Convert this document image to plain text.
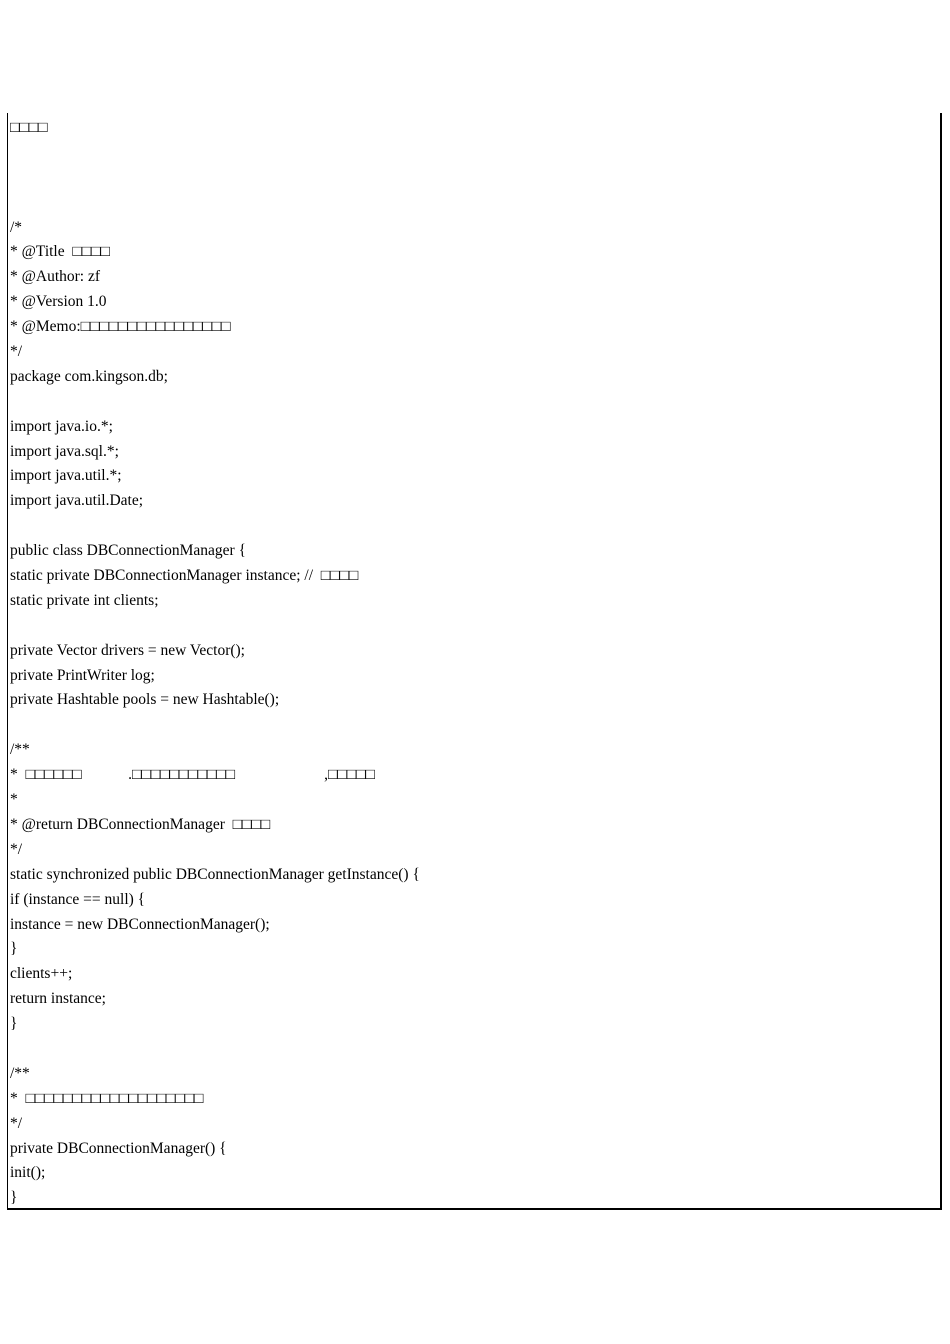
□□□□
/*
* @Title  □□□□
* @Author: zf
* @Version 1.0
* @Memo:□□□□□□□□□□□□□□□□
*/
package com.kingson.db;
import java.io.*;
import java.sql.*;
import java.util.*;
import java.util.Date;
public class DBConnectionManager {
static private DBConnectionManager instance; //  □□□□
static private int clients;
private Vector drivers = new Vector();
private PrintWriter log;
private Hashtable pools = new Hashtable();
/**
*  □□□□□□            .□□□□□□□□□□□                       ,□□□□□
*
* @return DBConnectionManager  □□□□
*/
static synchronized public DBConnectionManager getInstance() {
if (instance == null) {
instance = new DBConnectionManager();
}
clients++;
return instance;
}
/**
*  □□□□□□□□□□□□□□□□□□□
*/
private DBConnectionManager() {
init();
}
